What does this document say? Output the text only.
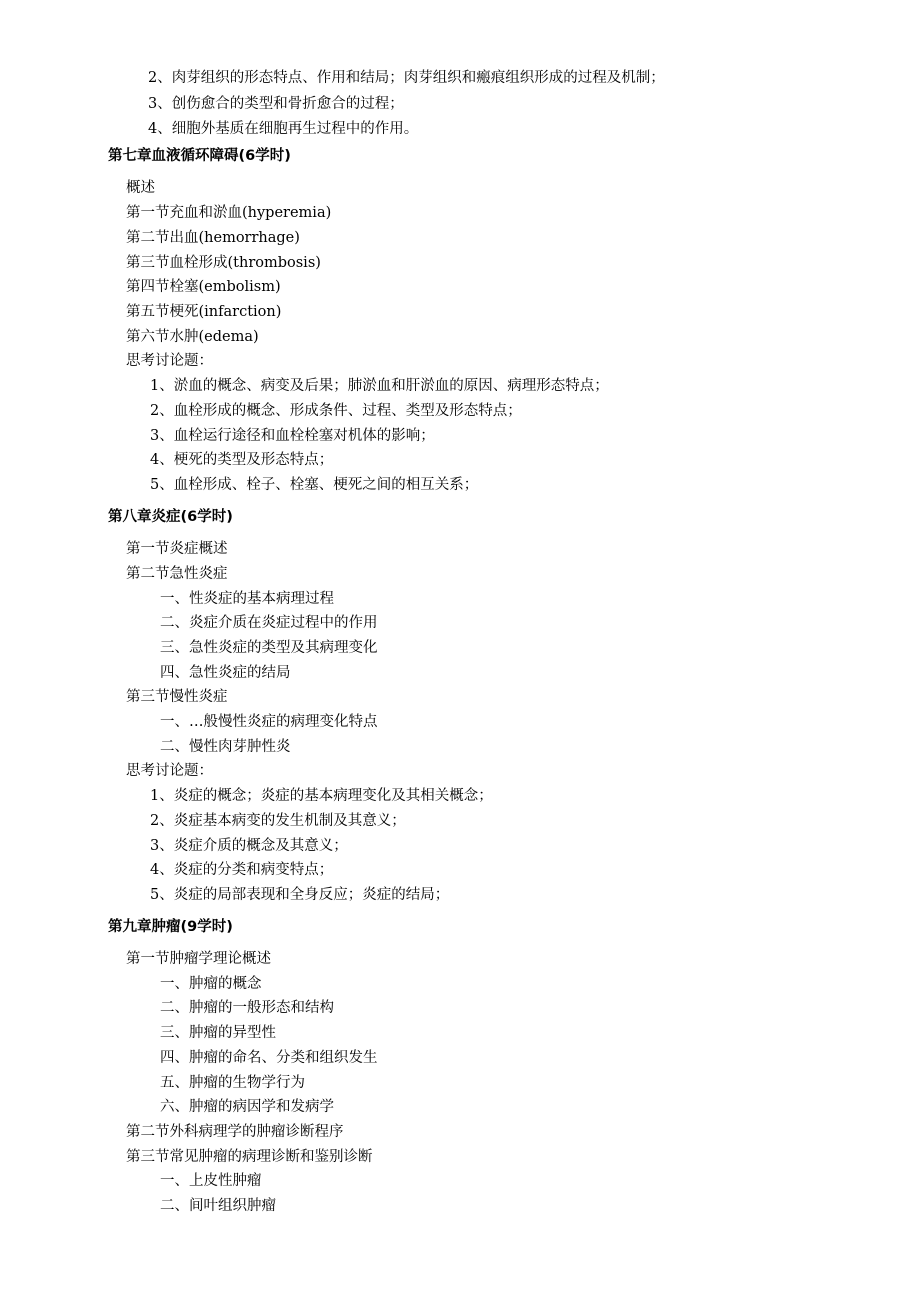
2、肉芽组织的形态特点、作用和结局；肉芽组织和瘢痕组织形成的过程及机制；
3、创伤愈合的类型和骨折愈合的过程；
4、细胞外基质在细胞再生过程中的作用。
第七章血液循环障碍(6学时)
概述
第一节充血和淤血(hyperemia)
第二节出血(hemorrhage)
第三节血栓形成(thrombosis)
第四节栓塞(embolism)
第五节梗死(infarction)
第六节水肿(edema)
思考讨论题：
1、淤血的概念、病变及后果；肺淤血和肝淤血的原因、病理形态特点；
2、血栓形成的概念、形成条件、过程、类型及形态特点；
3、血栓运行途径和血栓栓塞对机体的影响；
4、梗死的类型及形态特点；
5、血栓形成、栓子、栓塞、梗死之间的相互关系；
第八章炎症(6学时)
第一节炎症概述
第二节急性炎症
一、性炎症的基本病理过程
二、炎症介质在炎症过程中的作用
三、急性炎症的类型及其病理变化
四、急性炎症的结局
第三节慢性炎症
一、…般慢性炎症的病理变化特点
二、慢性肉芽肿性炎
思考讨论题：
1、炎症的概念；炎症的基本病理变化及其相关概念；
2、炎症基本病变的发生机制及其意义；
3、炎症介质的概念及其意义；
4、炎症的分类和病变特点；
5、炎症的局部表现和全身反应；炎症的结局；
第九章肿瘤(9学时)
第一节肿瘤学理论概述
一、肿瘤的概念
二、肿瘤的一般形态和结构
三、肿瘤的异型性
四、肿瘤的命名、分类和组织发生
五、肿瘤的生物学行为
六、肿瘤的病因学和发病学
第二节外科病理学的肿瘤诊断程序
第三节常见肿瘤的病理诊断和鉴别诊断
一、上皮性肿瘤
二、间叶组织肿瘤
